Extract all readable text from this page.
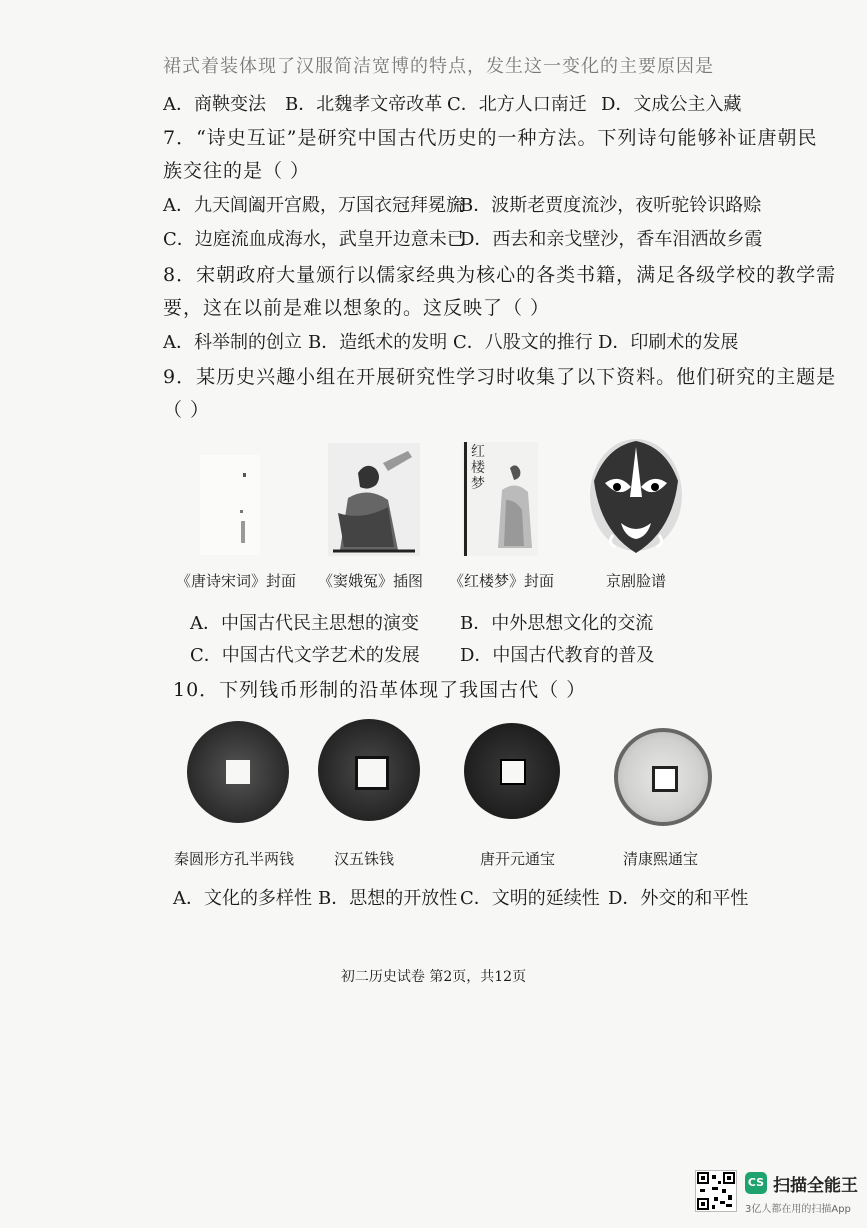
裙式着装体现了汉服简洁宽博的特点，发生这一变化的主要原因是
A．商鞅变法 B．北魏孝文帝改革 C．北方人口南迁 D．文成公主入藏
7．“诗史互证”是研究中国古代历史的一种方法。下列诗句能够补证唐朝民
族交往的是（ ）
A．九天阊阖开宫殿，万国衣冠拜冕旒
B．波斯老贾度流沙，夜听驼铃识路赊
C．边庭流血成海水，武皇开边意未已
D．西去和亲戈壁沙，香车泪洒故乡霞
8．宋朝政府大量颁行以儒家经典为核心的各类书籍，满足各级学校的教学需
要，这在以前是难以想象的。这反映了（ ）
A．科举制的创立 B．造纸术的发明 C．八股文的推行 D．印刷术的发展
9．某历史兴趣小组在开展研究性学习时收集了以下资料。他们研究的主题是
（ ）
红楼梦
《唐诗宋词》封面 《窦娥冤》插图 《红楼梦》封面	京剧脸谱
A．中国古代民主思想的演变 B．中外思想文化的交流
C．中国古代文学艺术的发展 D．中国古代教育的普及
10．下列钱币形制的沿革体现了我国古代（ ）
秦圆形方孔半两钱	汉五铢钱	唐开元通宝	清康熙通宝
A．文化的多样性 B．思想的开放性 C．文明的延续性 D．外交的和平性
初二历史试卷 第2页，共12页
CS 扫描全能王
3亿人都在用的扫描App
